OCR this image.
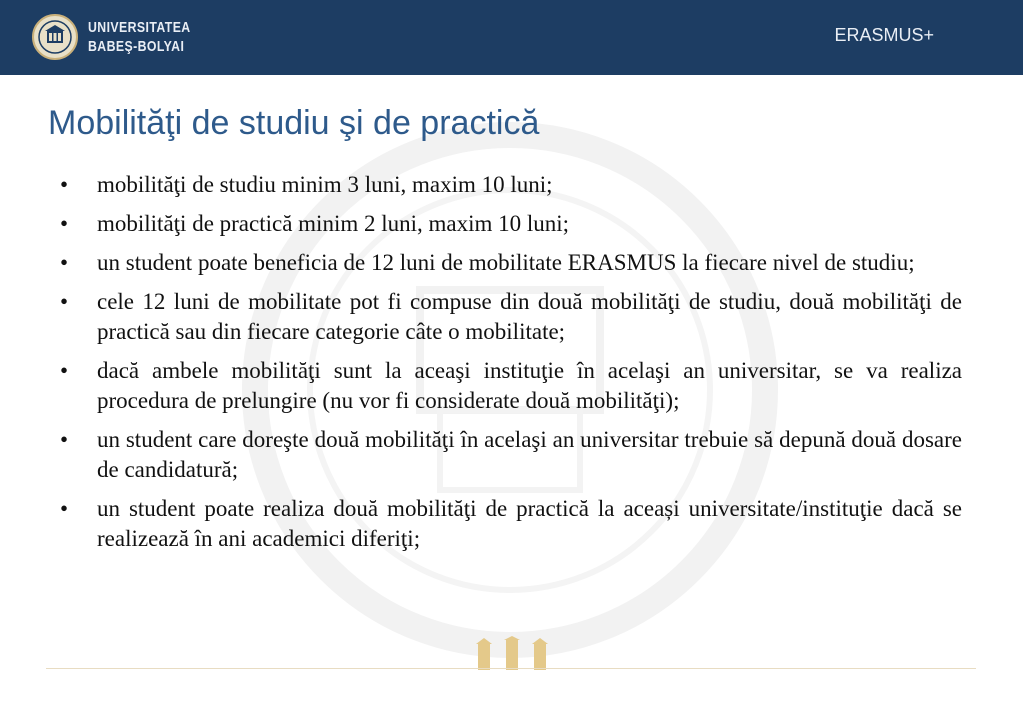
UNIVERSITATEA
BABEŞ-BOLYAI
ERASMUS+
Mobilităţi de studiu şi de practică
• mobilităţi de studiu minim 3 luni, maxim 10 luni;
• mobilităţi de practică minim 2 luni, maxim 10 luni;
• un student poate beneficia de 12 luni de mobilitate ERASMUS la fiecare nivel de studiu;
• cele 12 luni de mobilitate pot fi compuse din două mobilităţi de studiu, două mobilităţi de practică sau din fiecare categorie câte o mobilitate;
• dacă ambele mobilităţi sunt la aceaşi instituţie în acelaşi an universitar, se va realiza procedura de prelungire (nu vor fi considerate două mobilităţi);
• un student care doreşte două mobilităţi în acelaşi an universitar trebuie să depună două dosare de candidatură;
• un student poate realiza două mobilităţi de practică la aceași universitate/instituţie dacă se realizează în ani academici diferiţi;
